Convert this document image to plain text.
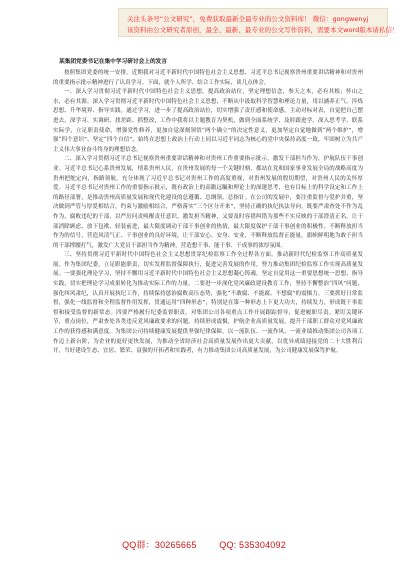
关注头条号“公文研究”，免费获取最新全最专业的公文资料库！ 微信：gongwenyj
该资料由公文研究者原创，最全、最新、最专业的公文写作资料，需要本文word版本请私信！
某集团党委书记在集中学习研讨会上的发言

按照集团党委的统一安排，近期我对习近平新时代中国特色社会主义思想、习近平总书记视察贵州重要讲话精神和对贵州的重要指示批示精神进行了认真学习。下面，就个人所学、结合工作实际，谈几点体会。

一、深入学习贯彻习近平新时代中国特色社会主义思想，提高政治站位，坚定理想信念，参天之木，必有其根；怀山之水，必有其源。深入学习贯彻习近平新时代中国特色社会主义思想，不断从中汲取科学智慧和理论力量，用以涵养正气、淬炼思想、升华境界、指导实践。通过学习，进一步了提高政治站位，切实增强了责任感和使命感，主动对标对表，自觉把自己摆进去，深学习、实调研、找差距、抓整改，工作中我将以主题教育为契机，做到全面系统学、及时跟进学、深入思考学、联系实际学，立足职责使命，增强党性修养，更加自觉深刻领悟“两个确立”的决定性意义，更加坚定自觉地做到“两个维护”，增强“四个意识”、坚定“四个自信”，始终在思想上政治上行动上同以习近平同志为核心的党中央保持高度一致，牢固树立为共产主义伟大事业奋斗终身的理想信念。

二、深入学习贯彻习近平总书记视察贵州重要讲话精神和对贵州工作重要指示批示，激发干部担当作为，护航队伍干事创业。习近平总书记心系贵州发展，情系贵州人民，在贵州发展的每一个关键时刻，都站在党和国家事业发展全局的战略高度为贵州把舵定向，指路领航，充分体现了习近平总书记对贵州工作的高度重视，对贵州发展的殷切期望，对贵州人民的关怀厚爱。习近平总书记对贵州工作的重要指示批示，既有政治上的高瞻远瞩和理论上的深邃思考，也有目标上的科学设定和工作上的路径部署，是推动贵州高质量发展和现代化建设的总遵循、总纲领、总指针。在公司的发展中，要注重监督与爱护并重，坚决做到严管与厚爱相结合，约束与激励相结合，严格落实“三个区分开来”，坚持正确的执纪执法导向，既要严肃查处不作为乱作为，腐败违纪的干部，以严厉问责唤醒责任意识、激发担当精神，又要及时容错纠错为那些不实反映的干部澄清正名，让干部消除顾虑、放下包袱、轻装前进，最大限度调动干部干事创业的热情，最大限度保护干部干事创业的积极性。不断释放担当作为的信号，营造风清气正、干事创业的良好环境，让干部安心、安身、安业，不断释放监督正能量，旗帜鲜明地为敢于担当的干部撑腰打气，激发广大党员干部担当作为精神，营造想干事、能干事、干成事的浓厚氛围。

三、坚持贯彻习近平新时代中国特色社会主义思想贯穿纪检监察工作全过程各方面，推动新时代纪检监察工作高质量发展。作为集团纪委，立足职能职责，切实发挥监督保障执行，促进完善发展的作用，努力推动集团纪检监察工作实现高质量发展。一要强化理论学习，坚持不懈用习近平新时代中国特色社会主义思想凝心铸魂，坚定自觉用这一重要思想统一思想、指导实践，切实把理论学习成果转化为推动实际工作的力量。二要进一步深化党风廉政建设教育工作，坚持不懈整治“四风”问题，强化纠风肃纪，认真开展执纪工作，持续保持惩治腐败高压态势，强化“不敢腐、不能腐、不想腐”的震慑力。三要抓好日常监督，强化一线监督和全程监督作用发挥，贯通运用“四种形态”，特别是在第一种形态上下更大功夫，持续发力，形成既干事监督和接受监督的新常态。四要严格履行纪委监督职责，对集团公司各项重点工作开展跟踪督导，促进履职尽责。紧盯关键环节，重点岗位，严肃查处各类违反党风廉政要求的问题，持续形成震慑，护航企业高质量发展，提升干部职工群众对党风廉政工作的获得感和满意度。为集团公司持续健康发展提供坚强纪律保障，以一流队伍、一流作风、一流业绩推动集团公司各项工作迈上新台阶，为企业的更好更快发展，为推动全省经济社会高质量发展作出更大贡献，以优异成绩迎接党的二十大胜利召开，当好建设生态、宜居、繁荣、富强的开拓者和实践者，有力推动集团公司高质量发展，为公司健康发展保驾护航。

QQ群：30265665	QQ: 535304092
